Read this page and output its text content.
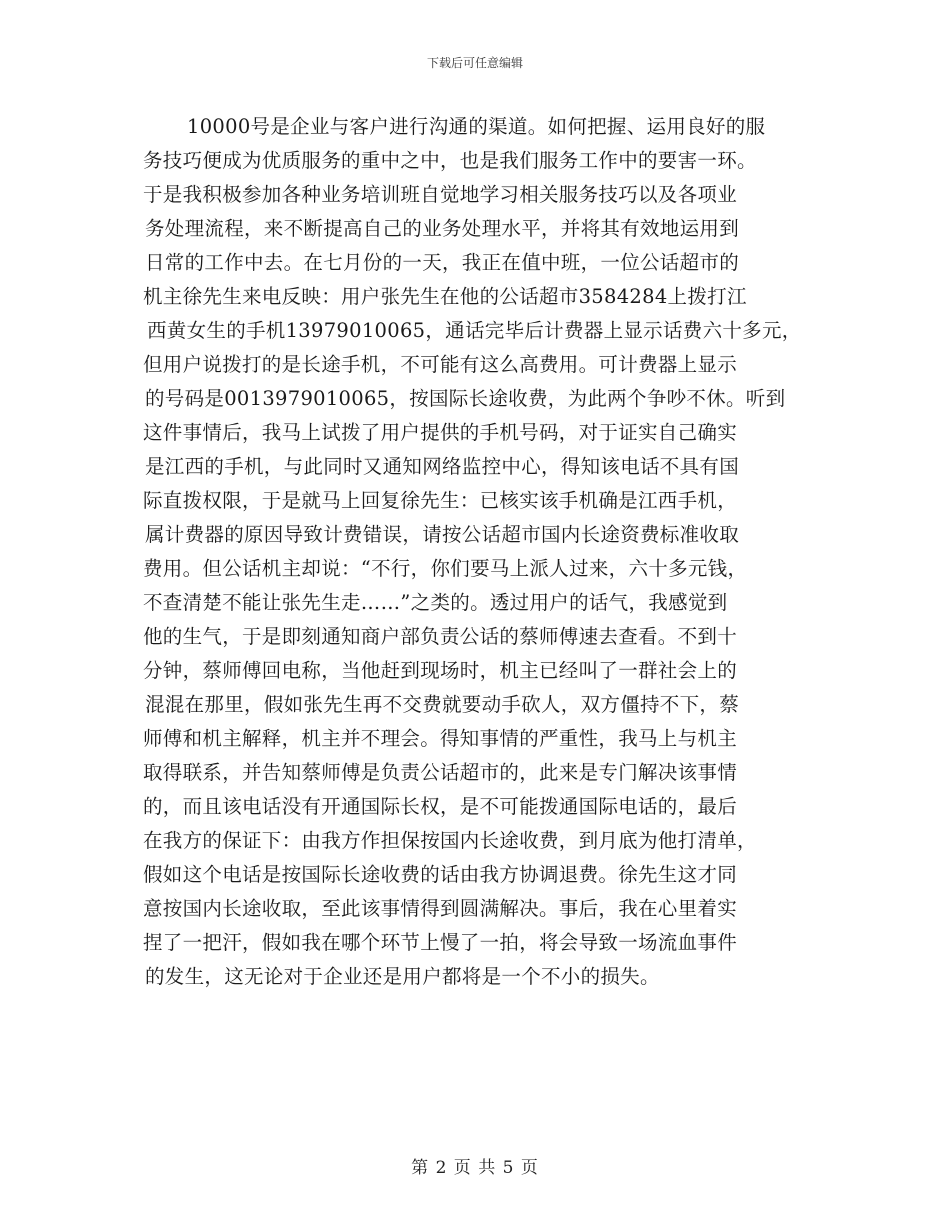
下载后可任意编辑
10000号是企业与客户进行沟通的渠道。如何把握、运用良好的服
务技巧便成为优质服务的重中之中，也是我们服务工作中的要害一环。
于是我积极参加各种业务培训班自觉地学习相关服务技巧以及各项业
务处理流程，来不断提高自己的业务处理水平，并将其有效地运用到
日常的工作中去。在七月份的一天，我正在值中班，一位公话超市的
机主徐先生来电反映：用户张先生在他的公话超市3584284上拨打江
西黄女生的手机13979010065，通话完毕后计费器上显示话费六十多元，
但用户说拨打的是长途手机，不可能有这么高费用。可计费器上显示
的号码是0013979010065，按国际长途收费，为此两个争吵不休。听到
这件事情后，我马上试拨了用户提供的手机号码，对于证实自己确实
是江西的手机，与此同时又通知网络监控中心，得知该电话不具有国
际直拨权限，于是就马上回复徐先生：已核实该手机确是江西手机，
属计费器的原因导致计费错误，请按公话超市国内长途资费标准收取
费用。但公话机主却说：“不行，你们要马上派人过来，六十多元钱，
不查清楚不能让张先生走……”之类的。透过用户的话气，我感觉到
他的生气，于是即刻通知商户部负责公话的蔡师傅速去查看。不到十
分钟，蔡师傅回电称，当他赶到现场时，机主已经叫了一群社会上的
混混在那里，假如张先生再不交费就要动手砍人，双方僵持不下，蔡
师傅和机主解释，机主并不理会。得知事情的严重性，我马上与机主
取得联系，并告知蔡师傅是负责公话超市的，此来是专门解决该事情
的，而且该电话没有开通国际长权，是不可能拨通国际电话的，最后
在我方的保证下：由我方作担保按国内长途收费，到月底为他打清单，
假如这个电话是按国际长途收费的话由我方协调退费。徐先生这才同
意按国内长途收取，至此该事情得到圆满解决。事后，我在心里着实
捏了一把汗，假如我在哪个环节上慢了一拍，将会导致一场流血事件
的发生，这无论对于企业还是用户都将是一个不小的损失。
第 2 页 共 5 页
